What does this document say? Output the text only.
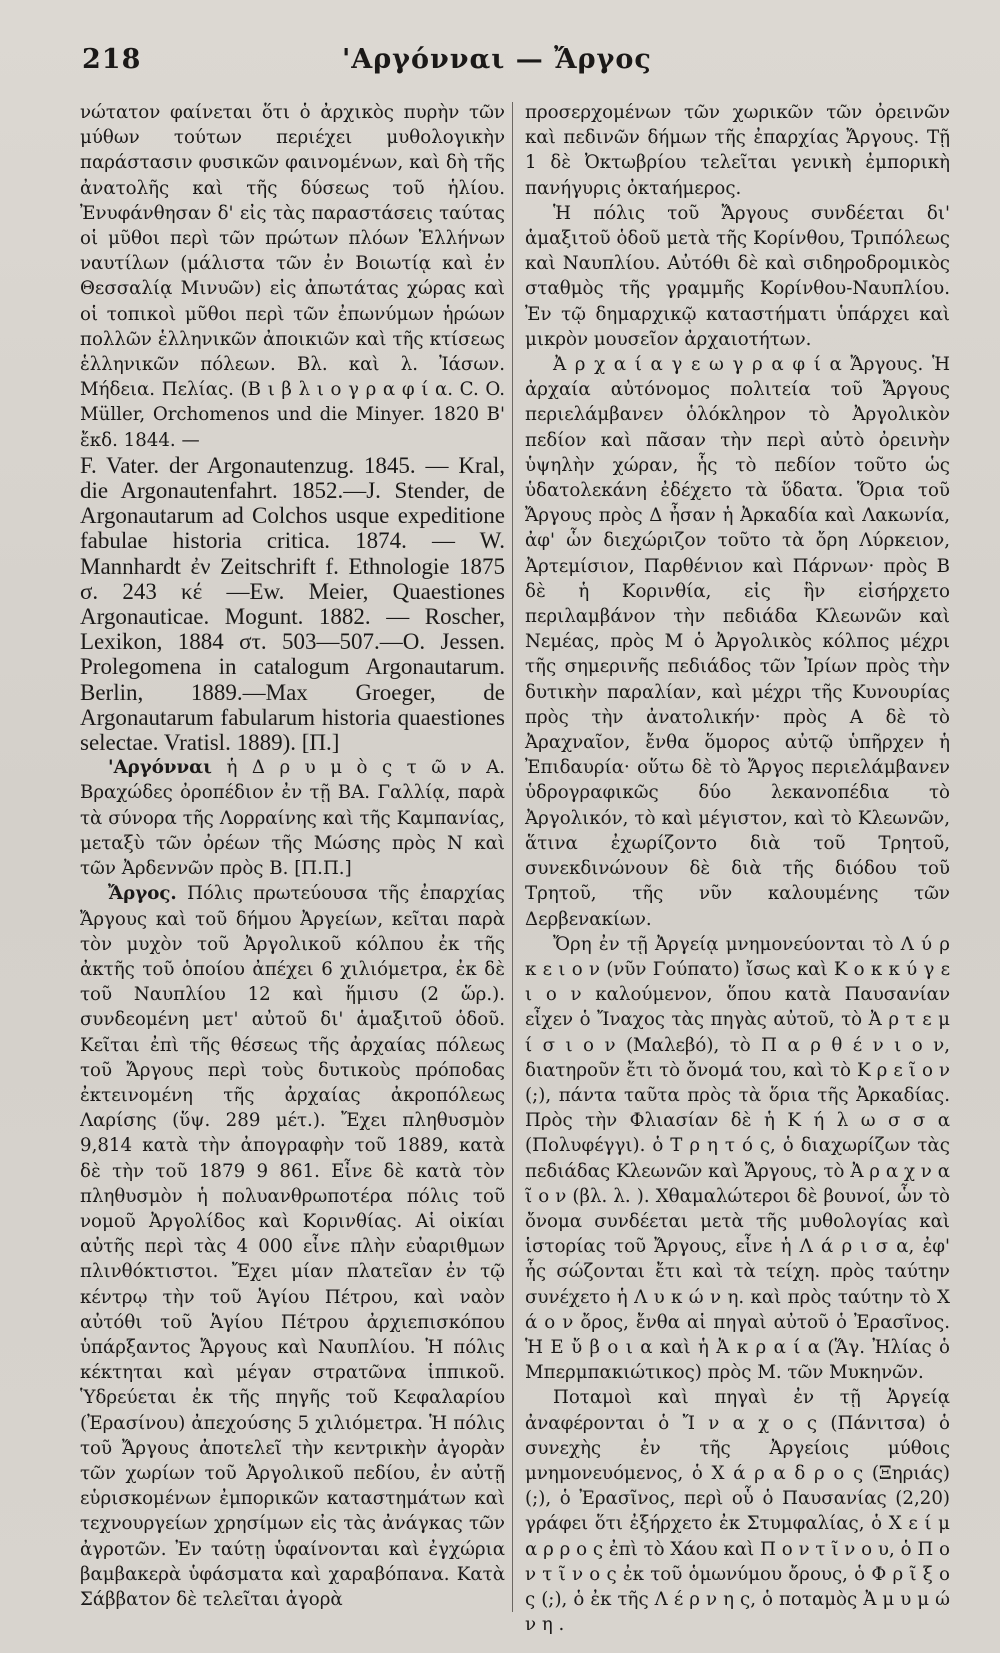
218	'Αργόνναι — Ἄργος

νώτατον φαίνεται ὅτι ὁ ἀρχικὸς πυρὴν τῶν μύθων τούτων περιέχει μυθολογικὴν παράστασιν φυσικῶν φαινομένων, καὶ δὴ τῆς ἀνατολῆς καὶ τῆς δύσεως τοῦ ἡλίου. Ἐνυφάνθησαν δ' εἰς τὰς παραστάσεις ταύτας οἱ μῦθοι περὶ τῶν πρώτων πλόων Ἑλλήνων ναυτίλων (μάλιστα τῶν ἐν Βοιωτίᾳ καὶ ἐν Θεσσαλίᾳ Μινυῶν) εἰς ἀπωτάτας χώρας καὶ οἱ τοπικοὶ μῦθοι περὶ τῶν ἐπωνύμων ἡρώων πολλῶν ἑλληνικῶν ἀποικιῶν καὶ τῆς κτίσεως ἑλληνικῶν πόλεων. Βλ. καὶ λ. Ἰάσων. Μήδεια. Πελίας. (Β ι β λ ι ο γ ρ α φ ί α. C. O. Müller, Orchomenos und die Minyer. 1820 Β' ἔκδ. 1844. —

F. Vater. der Argonautenzug. 1845. — Kral, die Argonautenfahrt. 1852.—J. Stender, de Argonautarum ad Colchos usque expeditione fabulae historia critica. 1874. — W. Mannhardt ἐν Zeitschrift f. Ethnologie 1875 σ. 243 κέ —Ew. Meier, Quaestiones Argonauticae. Mogunt. 1882. — Roscher, Lexikon, 1884 στ. 503—507.—O. Jessen. Prolegomena in catalogum Argonautarum. Berlin, 1889.—Max Groeger, de Argonautarum fabularum historia quaestiones selectae. Vratisl. 1889). [Π.]

'Αργόνναι ἡ Δ ρ υ μ ὸ ς τ ῶ ν Α. Βραχώδες ὀροπέδιον ἐν τῇ ΒΑ. Γαλλίᾳ, παρὰ τὰ σύνορα τῆς Λορραίνης καὶ τῆς Καμπανίας, μεταξὺ τῶν ὀρέων τῆς Μώσης πρὸς Ν καὶ τῶν Ἀρδεννῶν πρὸς Β. [Π.Π.]

Ἄργος. Πόλις πρωτεύουσα τῆς ἐπαρχίας Ἄργους καὶ τοῦ δήμου Ἀργείων, κεῖται παρὰ τὸν μυχὸν τοῦ Ἀργολικοῦ κόλπου ἐκ τῆς ἀκτῆς τοῦ ὁποίου ἀπέχει 6 χιλιόμετρα, ἐκ δὲ τοῦ Ναυπλίου 12 καὶ ἥμισυ (2 ὥρ.). συνδεομένη μετ' αὐτοῦ δι' ἁμαξιτοῦ ὁδοῦ. Κεῖται ἐπὶ τῆς θέσεως τῆς ἀρχαίας πόλεως τοῦ Ἄργους περὶ τοὺς δυτικοὺς πρόποδας ἐκτεινομένη τῆς ἀρχαίας ἀκροπόλεως Λαρίσης (ὕψ. 289 μέτ.). Ἔχει πληθυσμὸν 9,814 κατὰ τὴν ἀπογραφὴν τοῦ 1889, κατὰ δὲ τὴν τοῦ 1879 9 861. Εἶνε δὲ κατὰ τὸν πληθυσμὸν ἡ πολυανθρωποτέρα πόλις τοῦ νομοῦ Ἀργολίδος καὶ Κορινθίας. Αἱ οἰκίαι αὐτῆς περὶ τὰς 4 000 εἶνε πλὴν εὐαριθμων πλινθόκτιστοι. Ἔχει μίαν πλατεῖαν ἐν τῷ κέντρῳ τὴν τοῦ Ἁγίου Πέτρου, καὶ ναὸν αὐτόθι τοῦ Ἁγίου Πέτρου ἀρχιεπισκόπου ὑπάρξαντος Ἄργους καὶ Ναυπλίου. Ἡ πόλις κέκτηται καὶ μέγαν στρατῶνα ἱππικοῦ. Ὑδρεύεται ἐκ τῆς πηγῆς τοῦ Κεφαλαρίου (Ἐρασίνου) ἀπεχούσης 5 χιλιόμετρα. Ἡ πόλις τοῦ Ἄργους ἀποτελεῖ τὴν κεντρικὴν ἀγορὰν τῶν χωρίων τοῦ Ἀργολικοῦ πεδίου, ἐν αὐτῇ εὑρισκομένων ἐμπορικῶν καταστημάτων καὶ τεχνουργείων χρησίμων εἰς τὰς ἀνάγκας τῶν ἀγροτῶν. Ἐν ταύτῃ ὑφαίνονται καὶ ἐγχώρια βαμβακερὰ ὑφάσματα καὶ χαραβόπανα. Κατὰ Σάββατον δὲ τελεῖται ἀγορὰ

προσερχομένων τῶν χωρικῶν τῶν ὀρεινῶν καὶ πεδινῶν δήμων τῆς ἐπαρχίας Ἄργους. Τῇ 1 δὲ Ὀκτωβρίου τελεῖται γενικὴ ἐμπορικὴ πανήγυρις ὀκταήμερος.

Ἡ πόλις τοῦ Ἄργους συνδέεται δι' ἁμαξιτοῦ ὁδοῦ μετὰ τῆς Κορίνθου, Τριπόλεως καὶ Ναυπλίου. Αὐτόθι δὲ καὶ σιδηροδρομικὸς σταθμὸς τῆς γραμμῆς Κορίνθου-Ναυπλίου. Ἐν τῷ δημαρχικῷ καταστήματι ὑπάρχει καὶ μικρὸν μουσεῖον ἀρχαιοτήτων.

Ἀ ρ χ α ί α γ ε ω γ ρ α φ ί α Ἄργους. Ἡ ἀρχαία αὐτόνομος πολιτεία τοῦ Ἄργους περιελάμβανεν ὁλόκληρον τὸ Ἀργολικὸν πεδίον καὶ πᾶσαν τὴν περὶ αὐτὸ ὀρεινὴν ὑψηλὴν χώραν, ἧς τὸ πεδίον τοῦτο ὡς ὑδατολεκάνη ἐδέχετο τὰ ὕδατα. Ὅρια τοῦ Ἄργους πρὸς Δ ἦσαν ἡ Ἀρκαδία καὶ Λακωνία, ἀφ' ὧν διεχώριζον τοῦτο τὰ ὄρη Λύρκειον, Ἀρτεμίσιον, Παρθένιον καὶ Πάρνων· πρὸς Β δὲ ἡ Κορινθία, εἰς ἣν εἰσήρχετο περιλαμβάνον τὴν πεδιάδα Κλεωνῶν καὶ Νεμέας, πρὸς Μ ὁ Ἀργολικὸς κόλπος μέχρι τῆς σημερινῆς πεδιάδος τῶν Ἰρίων πρὸς τὴν δυτικὴν παραλίαν, καὶ μέχρι τῆς Κυνουρίας πρὸς τὴν ἀνατολικήν· πρὸς Α δὲ τὸ Ἀραχναῖον, ἔνθα ὅμορος αὐτῷ ὑπῆρχεν ἡ Ἐπιδαυρία· οὕτω δὲ τὸ Ἄργος περιελάμβανεν ὑδρογραφικῶς δύο λεκανοπέδια τὸ Ἀργολικόν, τὸ καὶ μέγιστον, καὶ τὸ Κλεωνῶν, ἅτινα ἐχωρίζοντο διὰ τοῦ Τρητοῦ, συνεκδινώνουν δὲ διὰ τῆς διόδου τοῦ Τρητοῦ, τῆς νῦν καλουμένης τῶν Δερβενακίων.

Ὄρη ἐν τῇ Ἀργείᾳ μνημονεύονται τὸ Λ ύ ρ κ ε ι ο ν (νῦν Γούπατο) ἴσως καὶ Κ ο κ κ ύ γ ε ι ο ν καλούμενον, ὅπου κατὰ Παυσανίαν εἶχεν ὁ Ἴναχος τὰς πηγὰς αὐτοῦ, τὸ Ἀ ρ τ ε μ ί σ ι ο ν (Μαλεβό), τὸ Π α ρ θ έ ν ι ο ν, διατηροῦν ἔτι τὸ ὄνομά του, καὶ τὸ Κ ρ ε ῖ ο ν (;), πάντα ταῦτα πρὸς τὰ ὅρια τῆς Ἀρκαδίας. Πρὸς τὴν Φλιασίαν δὲ ἡ Κ ή λ ω σ σ α (Πολυφέγγι). ὁ Τ ρ η τ ό ς, ὁ διαχωρίζων τὰς πεδιάδας Κλεωνῶν καὶ Ἄργους, τὸ Ἀ ρ α χ ν α ῖ ο ν (βλ. λ. ). Χθαμαλώτεροι δὲ βουνοί, ὧν τὸ ὄνομα συνδέεται μετὰ τῆς μυθολογίας καὶ ἱστορίας τοῦ Ἄργους, εἶνε ἡ Λ ά ρ ι σ α, ἐφ' ἧς σώζονται ἔτι καὶ τὰ τείχη. πρὸς ταύτην συνέχετο ἡ Λ υ κ ώ ν η. καὶ πρὸς ταύτην τὸ Χ ά ο ν ὄρος, ἔνθα αἱ πηγαὶ αὐτοῦ ὁ Ἐρασῖνος. Ἡ Ε ὔ β ο ι α καὶ ἡ Ἀ κ ρ α ί α (Ἅγ. Ἠλίας ὁ Μπερμπακιώτικος) πρὸς Μ. τῶν Μυκηνῶν.

Ποταμοὶ καὶ πηγαὶ ἐν τῇ Ἀργείᾳ ἀναφέρονται ὁ Ἴ ν α χ ο ς (Πάνιτσα) ὁ συνεχὴς ἐν τῆς Ἀργείοις μύθοις μνημονευόμενος, ὁ Χ ά ρ α δ ρ ο ς (Ξηριάς) (;), ὁ Ἐρασῖνος, περὶ οὗ ὁ Παυσανίας (2,20) γράφει ὅτι ἐξήρχετο ἐκ Στυμφαλίας, ὁ Χ ε ί μ α ρ ρ ο ς ἐπὶ τὸ Χάου καὶ Π ο ν τ ῖ ν ο υ, ὁ Π ο ν τ ῖ ν ο ς ἐκ τοῦ ὁμωνύμου ὄρους, ὁ Φ ρ ῖ ξ ο ς (;), ὁ ἐκ τῆς Λ έ ρ ν η ς, ὁ ποταμὸς Ἀ μ υ μ ώ ν η .
